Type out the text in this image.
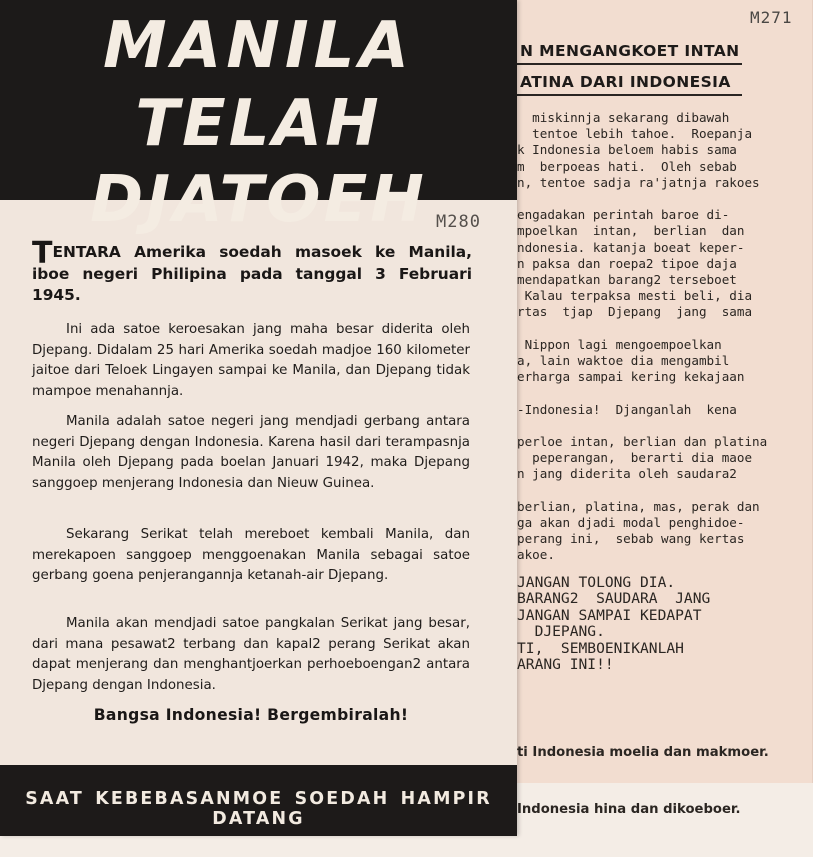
M271
N MENGANGKOET INTAN
ATINA DARI INDONESIA
miskinnja sekarang dibawah
tentoe lebih tahoe.  Roepanja
k Indonesia beloem habis sama
m  berpoeas hati.  Oleh sebab
n, tentoe sadja ra'jatnja rakoes

engadakan perintah baroe di-
mpoelkan  intan,  berlian  dan
ndonesia. katanja boeat keper-
n paksa dan roepa2 tipoe daja
mendapatkan barang2 terseboet
Kalau terpaksa mesti beli, dia
rtas  tjap  Djepang  jang  sama

Nippon lagi mengoempoelkan
a, lain waktoe dia mengambil
erharga sampai kering kekajaan

-Indonesia!  Djanganlah  kena

perloe intan, berlian dan platina
peperangan,  berarti dia maoe
n jang diderita oleh saudara2

berlian, platina, mas, perak dan
ga akan djadi modal penghidoe-
perang ini,  sebab wang kertas
akoe.
JANGAN TOLONG DIA.
BARANG2  SAUDARA  JANG
JANGAN SAMPAI KEDAPAT
DJEPANG.
TI,  SEMBOENIKANLAH
ARANG INI!!

ti Indonesia moelia dan makmoer.

Indonesia hina dan dikoeboer.

MANILA
TELAH DJATOEH M280
TENTARA Amerika soedah masoek ke Manila, iboe negeri Philipina pada tanggal 3 Februari 1945.
Ini ada satoe keroesakan jang maha besar diderita oleh Djepang. Didalam 25 hari Amerika soedah madjoe 160 kilometer jaitoe dari Teloek Lingayen sampai ke Manila, dan Djepang tidak mampoe menahannja.
Manila adalah satoe negeri jang mendjadi gerbang antara negeri Djepang dengan Indonesia. Karena hasil dari terampasnja Manila oleh Djepang pada boelan Januari 1942, maka Djepang sanggoep menjerang Indonesia dan Nieuw Guinea.
Sekarang Serikat telah mereboet kembali Manila, dan merekapoen sanggoep menggoenakan Manila sebagai satoe gerbang goena penjerangannja ketanah-air Djepang.
Manila akan mendjadi satoe pangkalan Serikat jang besar, dari mana pesawat2 terbang dan kapal2 perang Serikat akan dapat menjerang dan menghantjoerkan perhoeboengan2 antara Djepang dengan Indonesia.
Bangsa Indonesia! Bergembiralah!
SAAT KEBEBASANMOE SOEDAH HAMPIR DATANG
